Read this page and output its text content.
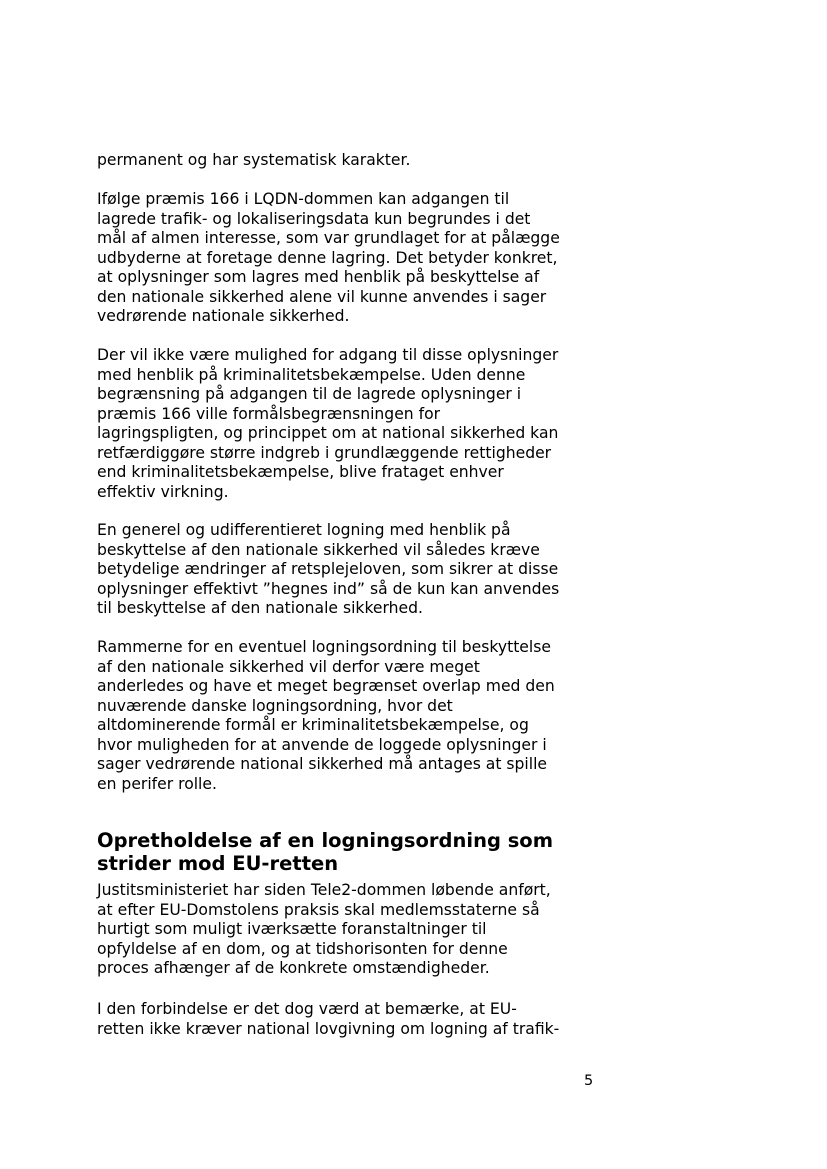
permanent og har systematisk karakter.

Ifølge præmis 166 i LQDN-dommen kan adgangen til
lagrede trafik- og lokaliseringsdata kun begrundes i det
mål af almen interesse, som var grundlaget for at pålægge
udbyderne at foretage denne lagring. Det betyder konkret,
at oplysninger som lagres med henblik på beskyttelse af
den nationale sikkerhed alene vil kunne anvendes i sager
vedrørende nationale sikkerhed.

Der vil ikke være mulighed for adgang til disse oplysninger
med henblik på kriminalitetsbekæmpelse. Uden denne
begrænsning på adgangen til de lagrede oplysninger i
præmis 166 ville formålsbegrænsningen for
lagringspligten, og princippet om at national sikkerhed kan
retfærdiggøre større indgreb i grundlæggende rettigheder
end kriminalitetsbekæmpelse, blive frataget enhver
effektiv virkning.

En generel og udifferentieret logning med henblik på
beskyttelse af den nationale sikkerhed vil således kræve
betydelige ændringer af retsplejeloven, som sikrer at disse
oplysninger effektivt ”hegnes ind” så de kun kan anvendes
til beskyttelse af den nationale sikkerhed.

Rammerne for en eventuel logningsordning til beskyttelse
af den nationale sikkerhed vil derfor være meget
anderledes og have et meget begrænset overlap med den
nuværende danske logningsordning, hvor det
altdominerende formål er kriminalitetsbekæmpelse, og
hvor muligheden for at anvende de loggede oplysninger i
sager vedrørende national sikkerhed må antages at spille
en perifer rolle.

Opretholdelse af en logningsordning som
strider mod EU-retten

Justitsministeriet har siden Tele2-dommen løbende anført,
at efter EU-Domstolens praksis skal medlemsstaterne så
hurtigt som muligt iværksætte foranstaltninger til
opfyldelse af en dom, og at tidshorisonten for denne
proces afhænger af de konkrete omstændigheder.

I den forbindelse er det dog værd at bemærke, at EU-
retten ikke kræver national lovgivning om logning af trafik-

5
